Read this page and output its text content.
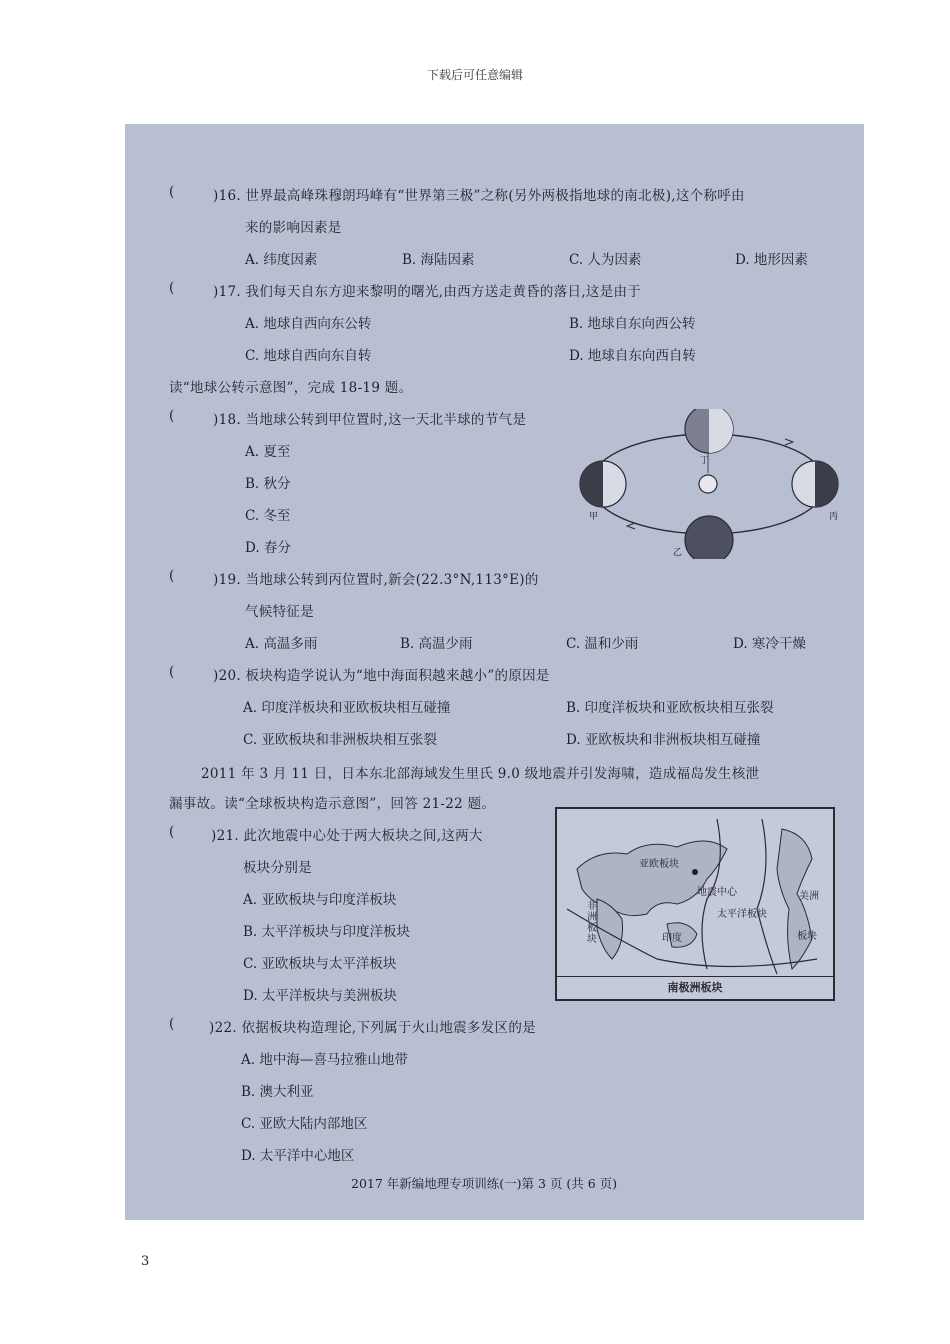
下载后可任意编辑
(	)16. 世界最高峰珠穆朗玛峰有“世界第三极”之称(另外两极指地球的南北极),这个称呼由
来的影响因素是
A. 纬度因素	B. 海陆因素	C. 人为因素	D. 地形因素
(	)17. 我们每天自东方迎来黎明的曙光,由西方送走黄昏的落日,这是由于
A. 地球自西向东公转	B. 地球自东向西公转
C. 地球自西向东自转	D. 地球自东向西自转
读“地球公转示意图”，完成 18-19 题。
(	)18. 当地球公转到甲位置时,这一天北半球的节气是
A. 夏至
B. 秋分
C. 冬至
D. 春分
丁
甲
乙
丙
(	)19. 当地球公转到丙位置时,新会(22.3°N,113°E)的
气候特征是
A. 高温多雨	B. 高温少雨	C. 温和少雨	D. 寒冷干燥
(	)20. 板块构造学说认为“地中海面积越来越小”的原因是
A. 印度洋板块和亚欧板块相互碰撞	B. 印度洋板块和亚欧板块相互张裂
C. 亚欧板块和非洲板块相互张裂	D. 亚欧板块和非洲板块相互碰撞
2011 年 3 月 11 日，日本东北部海域发生里氏 9.0 级地震并引发海啸，造成福岛发生核泄
漏事故。读“全球板块构造示意图”，回答 21-22 题。
亚欧板块
地震中心
非洲板块	印度
太平洋板块
美洲
板块
南极洲板块
(	)21. 此次地震中心处于两大板块之间,这两大
板块分别是
A. 亚欧板块与印度洋板块
B. 太平洋板块与印度洋板块
C. 亚欧板块与太平洋板块
D. 太平洋板块与美洲板块
(	)22. 依据板块构造理论,下列属于火山地震多发区的是
A. 地中海—喜马拉雅山地带
B. 澳大利亚
C. 亚欧大陆内部地区
D. 太平洋中心地区
2017 年新编地理专项训练(一)第 3 页 (共 6 页)
3
